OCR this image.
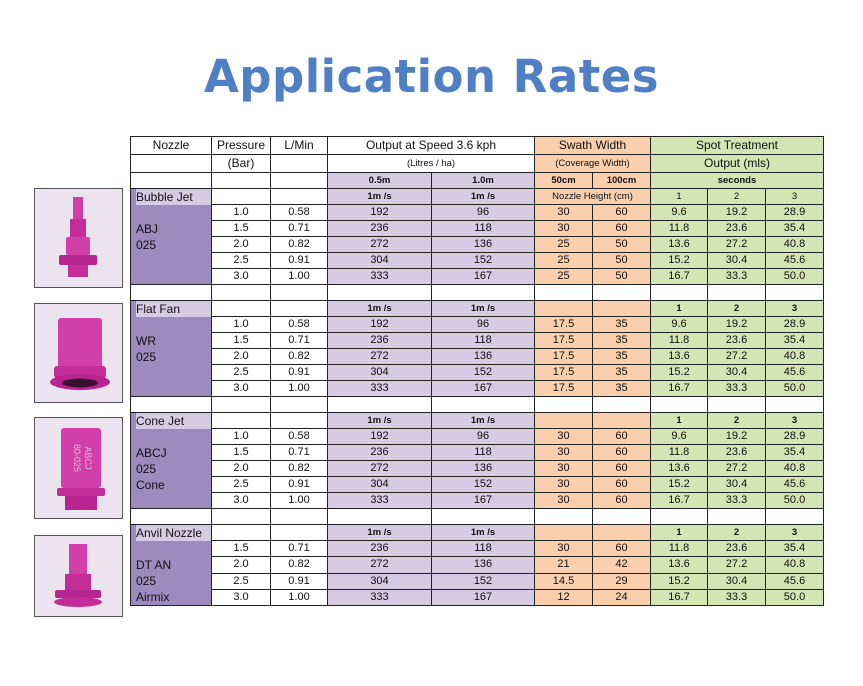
Application Rates
ABCJ
80-025
Nozzle	Pressure	L/Min	Output at Speed 3.6 kph		Swath Width		Spot Treatment		
	(Bar)		(Litres / ha)		(Coverage Width)		Output (mls)		
			0.5m	1.0m	50cm	100cm	seconds		

Bubble Jet
ABJ
025			1m /s	1m /s	Nozzle Height (cm)		1	2	3
	1.0	0.58	192	96	30	60	9.6	19.2	28.9
	1.5	0.71	236	118	30	60	11.8	23.6	35.4
	2.0	0.82	272	136	25	50	13.6	27.2	40.8
	2.5	0.91	304	152	25	50	15.2	30.4	45.6
	3.0	1.00	333	167	25	50	16.7	33.3	50.0

Flat Fan
WR
025			1m /s	1m /s			1	2	3
	1.0	0.58	192	96	17.5	35	9.6	19.2	28.9
	1.5	0.71	236	118	17.5	35	11.8	23.6	35.4
	2.0	0.82	272	136	17.5	35	13.6	27.2	40.8
	2.5	0.91	304	152	17.5	35	15.2	30.4	45.6
	3.0	1.00	333	167	17.5	35	16.7	33.3	50.0

Cone Jet
ABCJ
025
Cone			1m /s	1m /s			1	2	3
	1.0	0.58	192	96	30	60	9.6	19.2	28.9
	1.5	0.71	236	118	30	60	11.8	23.6	35.4
	2.0	0.82	272	136	30	60	13.6	27.2	40.8
	2.5	0.91	304	152	30	60	15.2	30.4	45.6
	3.0	1.00	333	167	30	60	16.7	33.3	50.0

Anvil Nozzle
DT AN
025
Airmix			1m /s	1m /s			1	2	3
	1.5	0.71	236	118	30	60	11.8	23.6	35.4
	2.0	0.82	272	136	21	42	13.6	27.2	40.8
	2.5	0.91	304	152	14.5	29	15.2	30.4	45.6
	3.0	1.00	333	167	12	24	16.7	33.3	50.0
